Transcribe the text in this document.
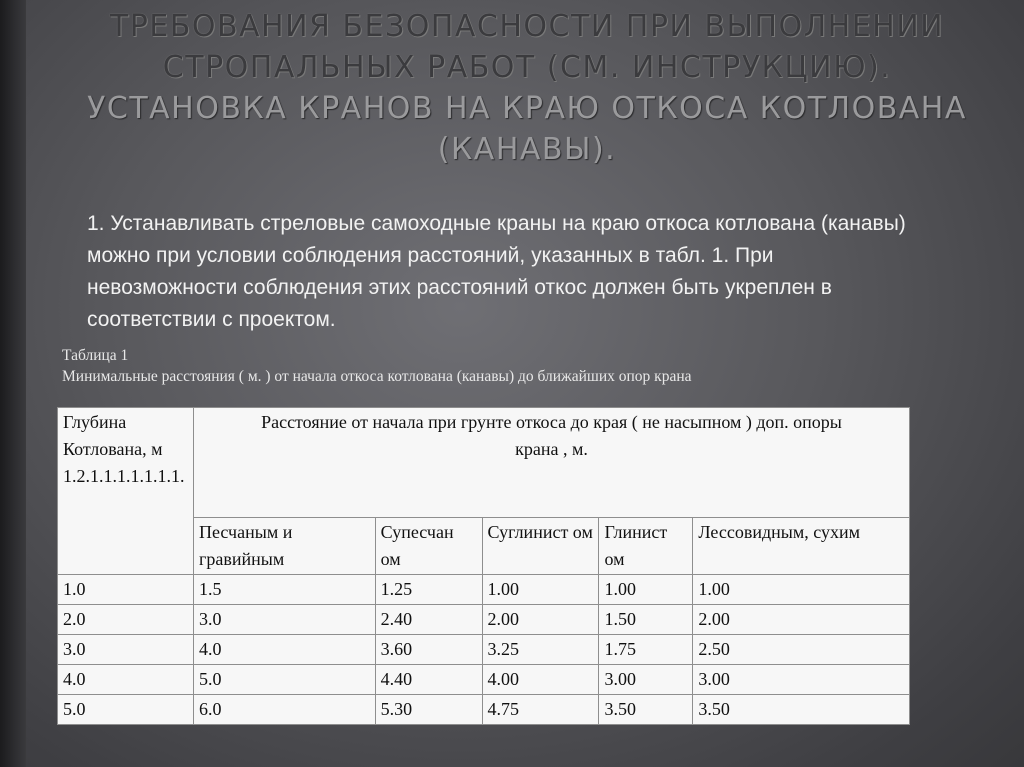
ТРЕБОВАНИЯ БЕЗОПАСНОСТИ ПРИ ВЫПОЛНЕНИИ СТРОПАЛЬНЫХ РАБОТ (СМ. ИНСТРУКЦИЮ).
УСТАНОВКА КРАНОВ НА КРАЮ ОТКОСА КОТЛОВАНА (КАНАВЫ).
1. Устанавливать стреловые самоходные краны на краю откоса котлована (канавы) можно при условии соблюдения расстояний, указанных в табл. 1. При невозможности соблюдения этих расстояний откос должен быть укреплен в соответствии с проектом.
Таблица 1
Минимальные расстояния ( м. ) от начала откоса котлована (канавы) до ближайших опор крана
Глубина Котлована, м 1.2.1.1.1.1.1.1.1.	Расстояние от начала при грунте откоса до края ( не насыпном ) доп. опоры
крана , м.				

	Песчаным и гравийным	Супесчан ом	Суглинист ом	Глинист ом	Лессовидным, сухим
1.0	1.5	1.25	1.00	1.00	1.00
2.0	3.0	2.40	2.00	1.50	2.00
3.0	4.0	3.60	3.25	1.75	2.50
4.0	5.0	4.40	4.00	3.00	3.00
5.0	6.0	5.30	4.75	3.50	3.50
